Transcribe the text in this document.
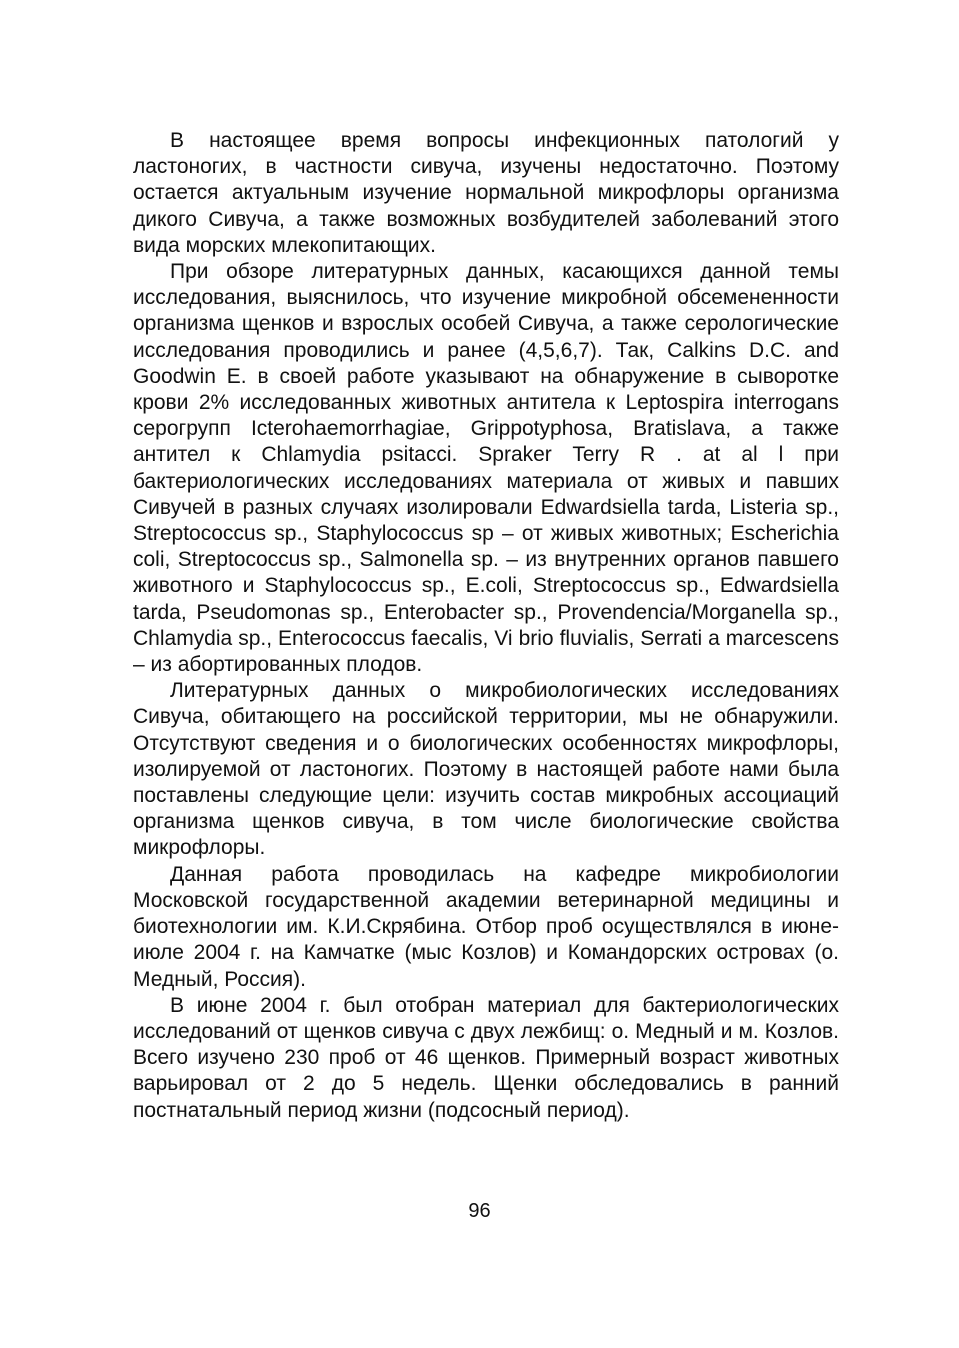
В настоящее время вопросы инфекционных патологий у ластоногих, в частности сивуча, изучены недостаточно. Поэтому остается актуальным изучение нормальной микрофлоры организма дикого Сивуча, а также возможных возбудителей заболеваний этого вида морских млекопитающих.

При обзоре литературных данных, касающихся данной темы исследования, выяснилось, что изучение микробной обсемененности организма щенков и взрослых особей Сивуча, а также серологические исследования проводились и ранее (4,5,6,7). Так, Calkins D.C. and Goodwin E. в своей работе указывают на обнаружение в сыворотке крови 2% исследованных животных антитела к Leptospira interrogans серогрупп Icterohaemorrhagiae, Grippotyphosa, Bratislava, а также антител к Chlamydia psitacci. Spraker Terry R . at al l при бактериологических исследованиях материала от живых и павших Сивучей в разных случаях изолировали Edwardsiella tarda, Listeria sp., Streptococcus sp., Staphylococcus sp – от живых животных; Escherichia coli, Streptococcus sp., Salmonella sp. – из внутренних органов павшего животного и Staphylococcus sp., E.coli, Streptococcus sp., Edwardsiella tarda, Pseudomonas sp., Enterobacter sp., Provendencia/Morganella sp., Chlamydia sp., Enterococcus faecalis, Vi brio fluvialis, Serrati a marcescens – из абортированных плодов.

Литературных данных о микробиологических исследованиях Сивуча, обитающего на российской территории, мы не обнаружили. Отсутствуют сведения и о биологических особенностях микрофлоры, изолируемой от ластоногих. Поэтому в настоящей работе нами была поставлены следующие цели: изучить состав микробных ассоциаций организма щенков сивуча, в том числе биологические свойства микрофлоры.

Данная работа проводилась на кафедре микробиологии Московской государственной академии ветеринарной медицины и биотехнологии им. К.И.Скрябина. Отбор проб осуществлялся в июне-июле 2004 г. на Камчатке (мыс Козлов) и Командорских островах (о. Медный, Россия).

В июне 2004 г. был отобран материал для бактериологических исследований от щенков сивуча с двух лежбищ: о. Медный и м. Козлов. Всего изучено 230 проб от 46 щенков. Примерный возраст животных варьировал от 2 до 5 недель. Щенки обследовались в ранний постнатальный период жизни (подсосный период).

96
